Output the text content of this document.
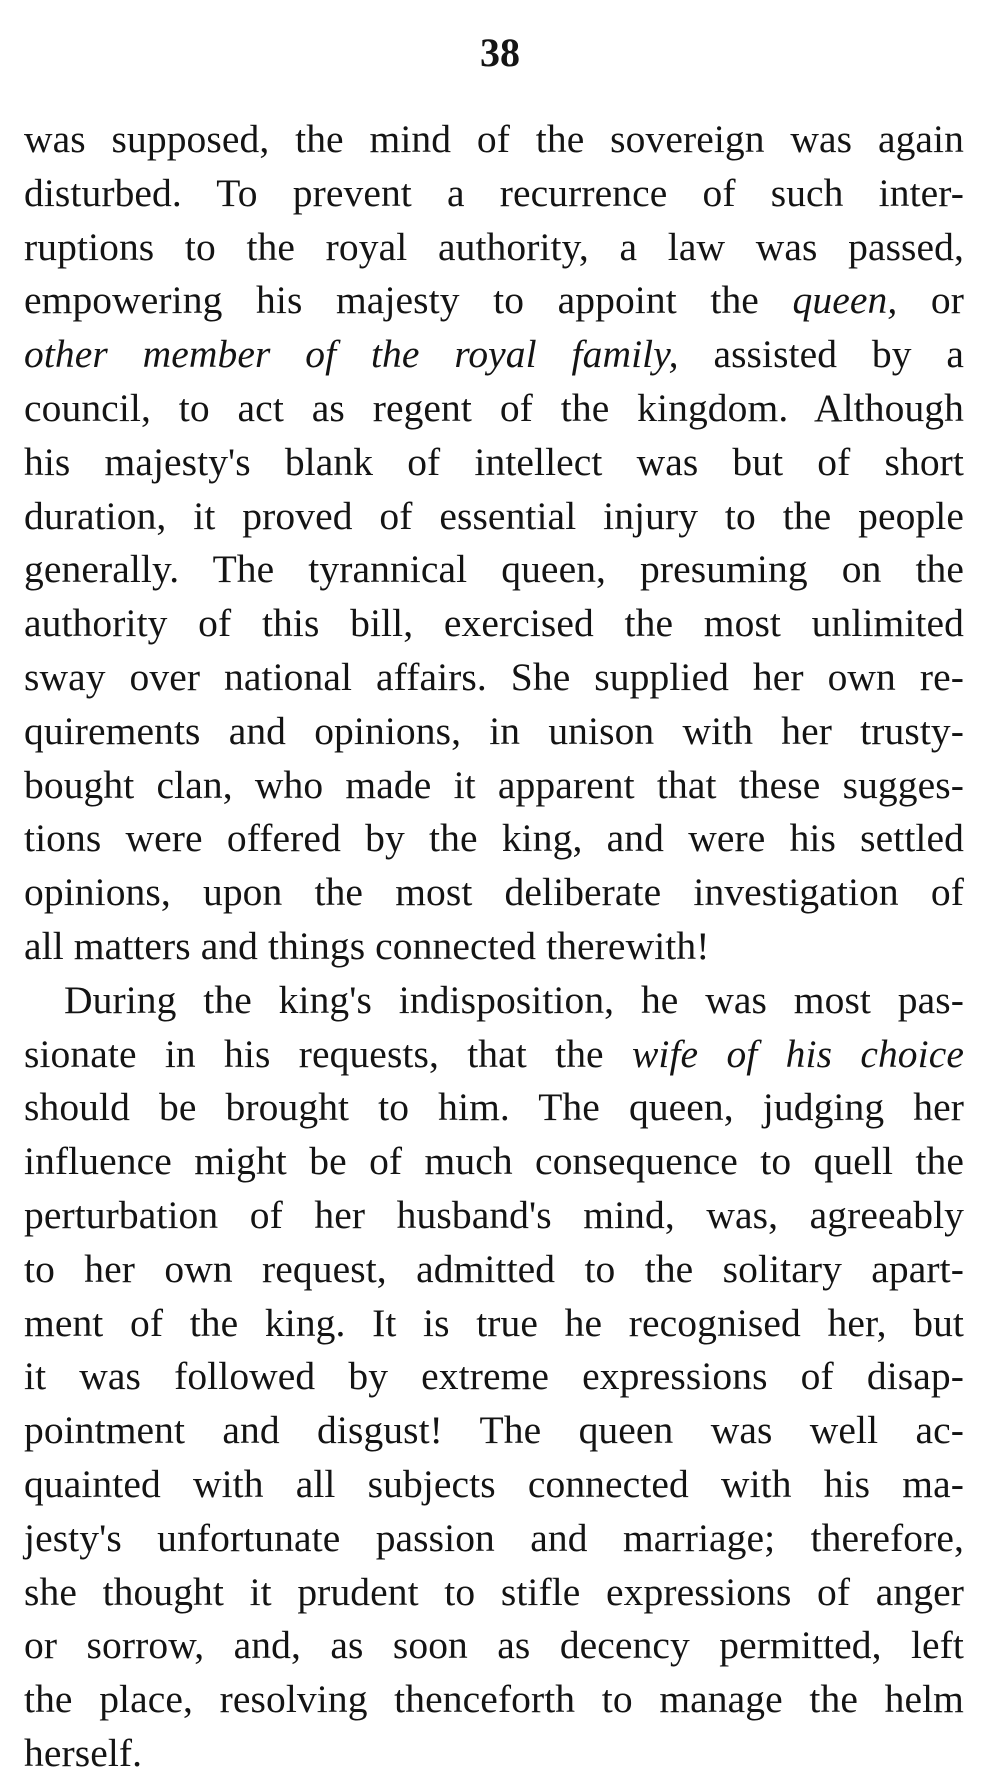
38
was supposed, the mind of the sovereign was again
disturbed. To prevent a recurrence of such inter-
ruptions to the royal authority, a law was passed,
empowering his majesty to appoint the queen, or
other member of the royal family, assisted by a
council, to act as regent of the kingdom. Although
his majesty's blank of intellect was but of short
duration, it proved of essential injury to the people
generally. The tyrannical queen, presuming on the
authority of this bill, exercised the most unlimited
sway over national affairs. She supplied her own re-
quirements and opinions, in unison with her trusty-
bought clan, who made it apparent that these sugges-
tions were offered by the king, and were his settled
opinions, upon the most deliberate investigation of
all matters and things connected therewith!
During the king's indisposition, he was most pas-
sionate in his requests, that the wife of his choice
should be brought to him. The queen, judging her
influence might be of much consequence to quell the
perturbation of her husband's mind, was, agreeably
to her own request, admitted to the solitary apart-
ment of the king. It is true he recognised her, but
it was followed by extreme expressions of disap-
pointment and disgust! The queen was well ac-
quainted with all subjects connected with his ma-
jesty's unfortunate passion and marriage; therefore,
she thought it prudent to stifle expressions of anger
or sorrow, and, as soon as decency permitted, left
the place, resolving thenceforth to manage the helm
herself.
